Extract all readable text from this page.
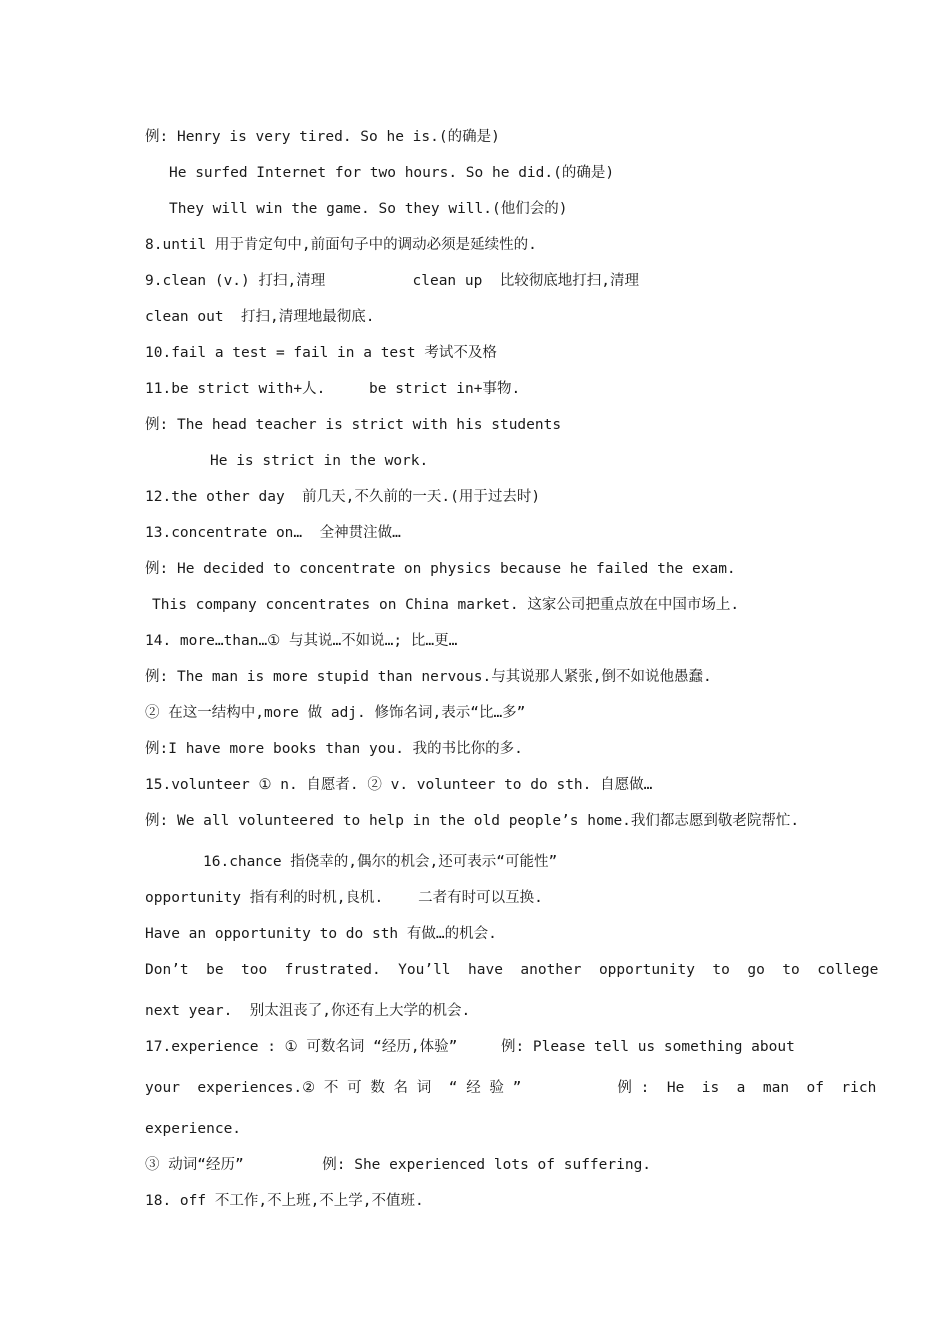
例: Henry is very tired. So he is.(的确是)
He surfed Internet for two hours. So he did.(的确是)
They will win the game. So they will.(他们会的)
8.until 用于肯定句中,前面句子中的调动必须是延续性的.
9.clean (v.) 打扫,清理          clean up  比较彻底地打扫,清理
clean out  打扫,清理地最彻底.
10.fail a test = fail in a test 考试不及格
11.be strict with+人.     be strict in+事物.
例: The head teacher is strict with his students
He is strict in the work.
12.the other day  前几天,不久前的一天.(用于过去时)
13.concentrate on…  全神贯注做…
例: He decided to concentrate on physics because he failed the exam.
This company concentrates on China market. 这家公司把重点放在中国市场上.
14. more…than…① 与其说…不如说…; 比…更…
例: The man is more stupid than nervous.与其说那人紧张,倒不如说他愚蠢.
② 在这一结构中,more 做 adj. 修饰名词,表示“比…多”
例:I have more books than you. 我的书比你的多.
15.volunteer ① n. 自愿者. ② v. volunteer to do sth. 自愿做…
例: We all volunteered to help in the old people’s home.我们都志愿到敬老院帮忙.
16.chance 指侥幸的,偶尔的机会,还可表示“可能性”
opportunity 指有利的时机,良机.    二者有时可以互换.
Have an opportunity to do sth 有做…的机会.
Don’t  be  too  frustrated.  You’ll  have  another  opportunity  to  go  to  college
next year.  别太沮丧了,你还有上大学的机会.
17.experience : ① 可数名词 “经历,体验”     例: Please tell us something about
your  experiences.② 不 可 数 名 词  “ 经 验 ”           例 :  He  is  a  man  of  rich
experience.
③ 动词“经历”         例: She experienced lots of suffering.
18. off 不工作,不上班,不上学,不值班.
